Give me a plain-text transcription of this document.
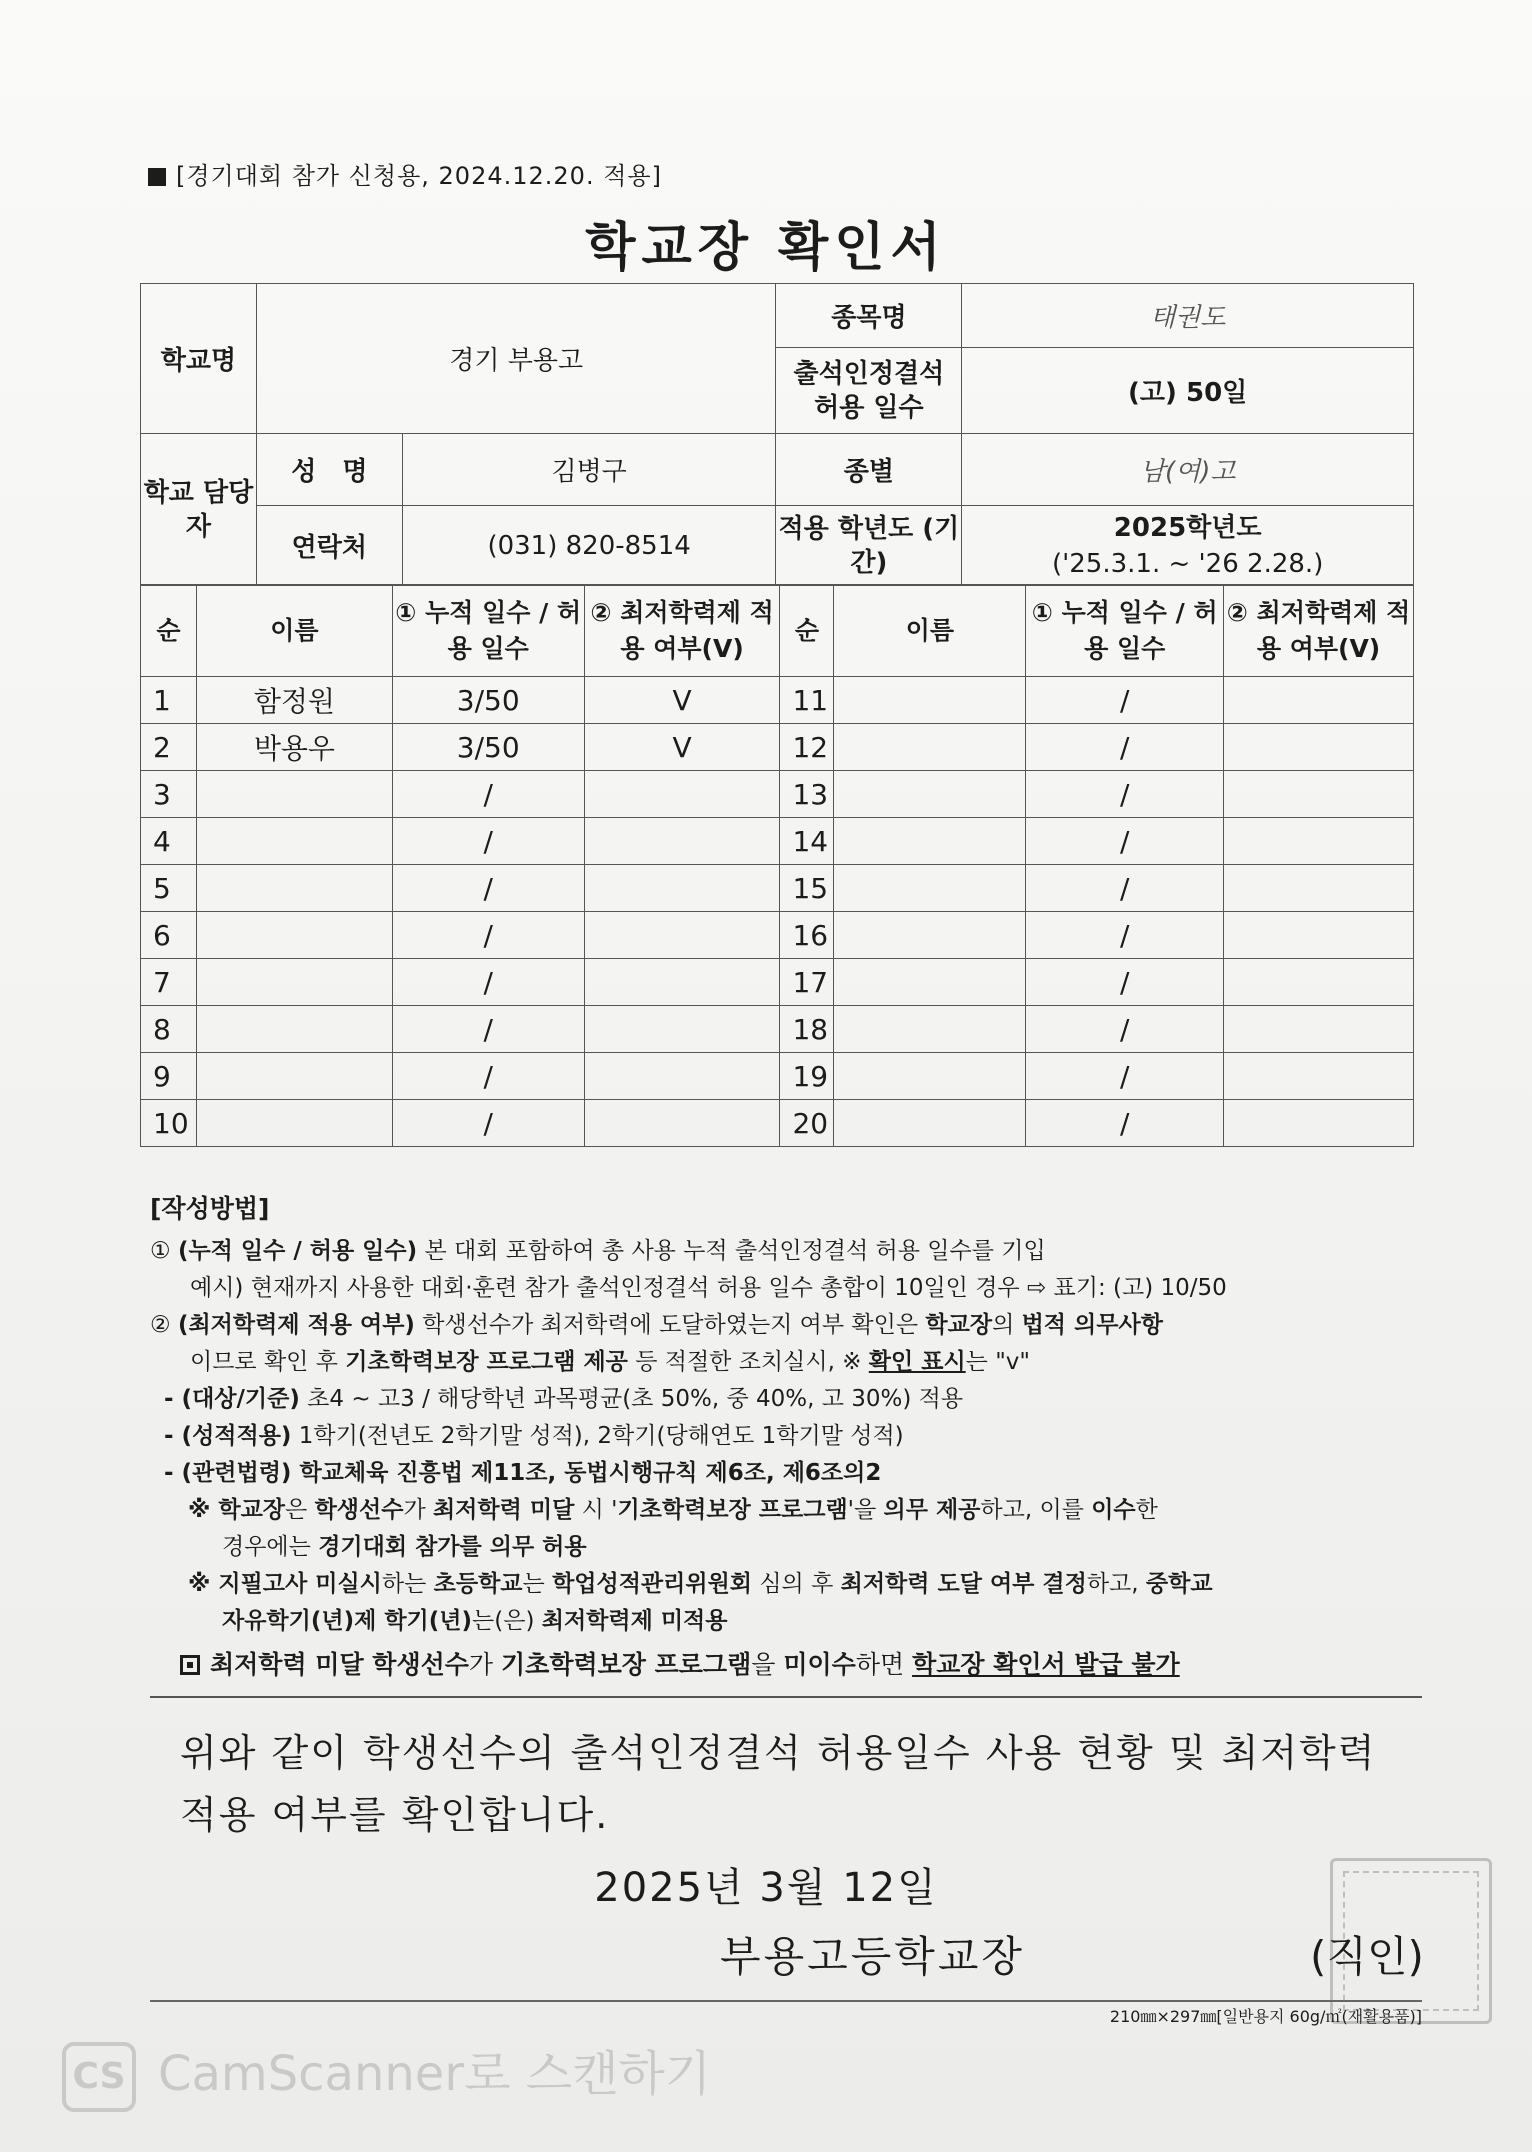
[경기대회 참가 신청용, 2024.12.20. 적용]
학교장 확인서
학교명	경기 부용고		종목명	태권도
			출석인정결석 허용 일수	(고) 50일
학교 담당자	성　명	김병구	종별	남(여)고
	연락처	(031) 820-8514	적용 학년도 (기간)	2025학년도
('25.3.1. ~ '26 2.28.)
순	이름	① 누적 일수 / 허용 일수	② 최저학력제 적용 여부(V)	순	이름	① 누적 일수 / 허용 일수	② 최저학력제 적용 여부(V)
1	함정원	3/50	V	11		/	
2	박용우	3/50	V	12		/	
3		/		13		/	
4		/		14		/	
5		/		15		/	
6		/		16		/	
7		/		17		/	
8		/		18		/	
9		/		19		/	
10		/		20		/	
[작성방법]
① (누적 일수 / 허용 일수) 본 대회 포함하여 총 사용 누적 출석인정결석 허용 일수를 기입
예시) 현재까지 사용한 대회·훈련 참가 출석인정결석 허용 일수 총합이 10일인 경우 ⇨ 표기: (고) 10/50
② (최저학력제 적용 여부) 학생선수가 최저학력에 도달하였는지 여부 확인은 학교장의 법적 의무사항
이므로 확인 후 기초학력보장 프로그램 제공 등 적절한 조치실시, ※ 확인 표시는 "v"
- (대상/기준) 초4 ~ 고3 / 해당학년 과목평균(초 50%, 중 40%, 고 30%) 적용
- (성적적용) 1학기(전년도 2학기말 성적), 2학기(당해연도 1학기말 성적)
- (관련법령) 학교체육 진흥법 제11조, 동법시행규칙 제6조, 제6조의2
※ 학교장은 학생선수가 최저학력 미달 시 '기초학력보장 프로그램'을 의무 제공하고, 이를 이수한
경우에는 경기대회 참가를 의무 허용
※ 지필고사 미실시하는 초등학교는 학업성적관리위원회 심의 후 최저학력 도달 여부 결정하고, 중학교
자유학기(년)제 학기(년)는(은) 최저학력제 미적용
최저학력 미달 학생선수가 기초학력보장 프로그램을 미이수하면 학교장 확인서 발급 불가
위와 같이 학생선수의 출석인정결석 허용일수 사용 현황 및 최저학력 적용 여부를 확인합니다.
2025년 3월 12일
부용고등학교장	(직인)
210㎜×297㎜[일반용지 60g/㎡(재활용품)]
CS CamScanner로 스캔하기
